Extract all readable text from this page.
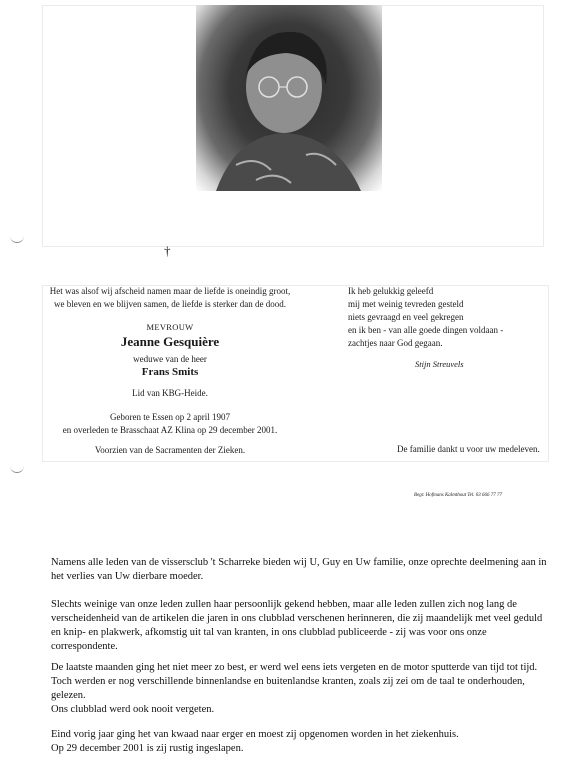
†
Het was alsof wij afscheid namen maar de liefde is oneindig groot,
we bleven en we blijven samen, de liefde is sterker dan de dood.
MEVROUW
Jeanne Gesquière
weduwe van de heer
Frans Smits
Lid van KBG-Heide.
Geboren te Essen op 2 april 1907
en overleden te Brasschaat AZ Klina op 29 december 2001.
Voorzien van de Sacramenten der Zieken.
Ik heb gelukkig geleefd
mij met weinig tevreden gesteld
niets gevraagd en veel gekregen
en ik ben - van alle goede dingen voldaan -
zachtjes naar God gegaan.
Stijn Streuvels
De familie dankt u voor uw medeleven.
Begr. Hofmans Kalmthout Tel. 03 666 77 77
Namens alle leden van de vissersclub 't Scharreke bieden wij U, Guy en Uw familie, onze oprechte deelmening aan in het verlies van Uw dierbare moeder.
Slechts weinige van onze leden zullen haar persoonlijk gekend hebben, maar alle leden zullen zich nog lang de verscheidenheid van de artikelen die jaren in ons clubblad verschenen herinneren, die zij maandelijk met veel geduld en knip- en plakwerk, afkomstig uit tal van kranten, in ons clubblad publiceerde - zij was voor ons onze correspondente.
De laatste maanden ging het niet meer zo best, er werd wel eens iets vergeten en de motor sputterde van tijd tot tijd. Toch werden er nog verschillende binnenlandse en buitenlandse kranten, zoals zij zei om de taal te onderhouden, gelezen.
Ons clubblad werd ook nooit vergeten.
Eind vorig jaar ging het van kwaad naar erger en moest zij opgenomen worden in het ziekenhuis.
Op 29 december 2001 is zij rustig ingeslapen.
